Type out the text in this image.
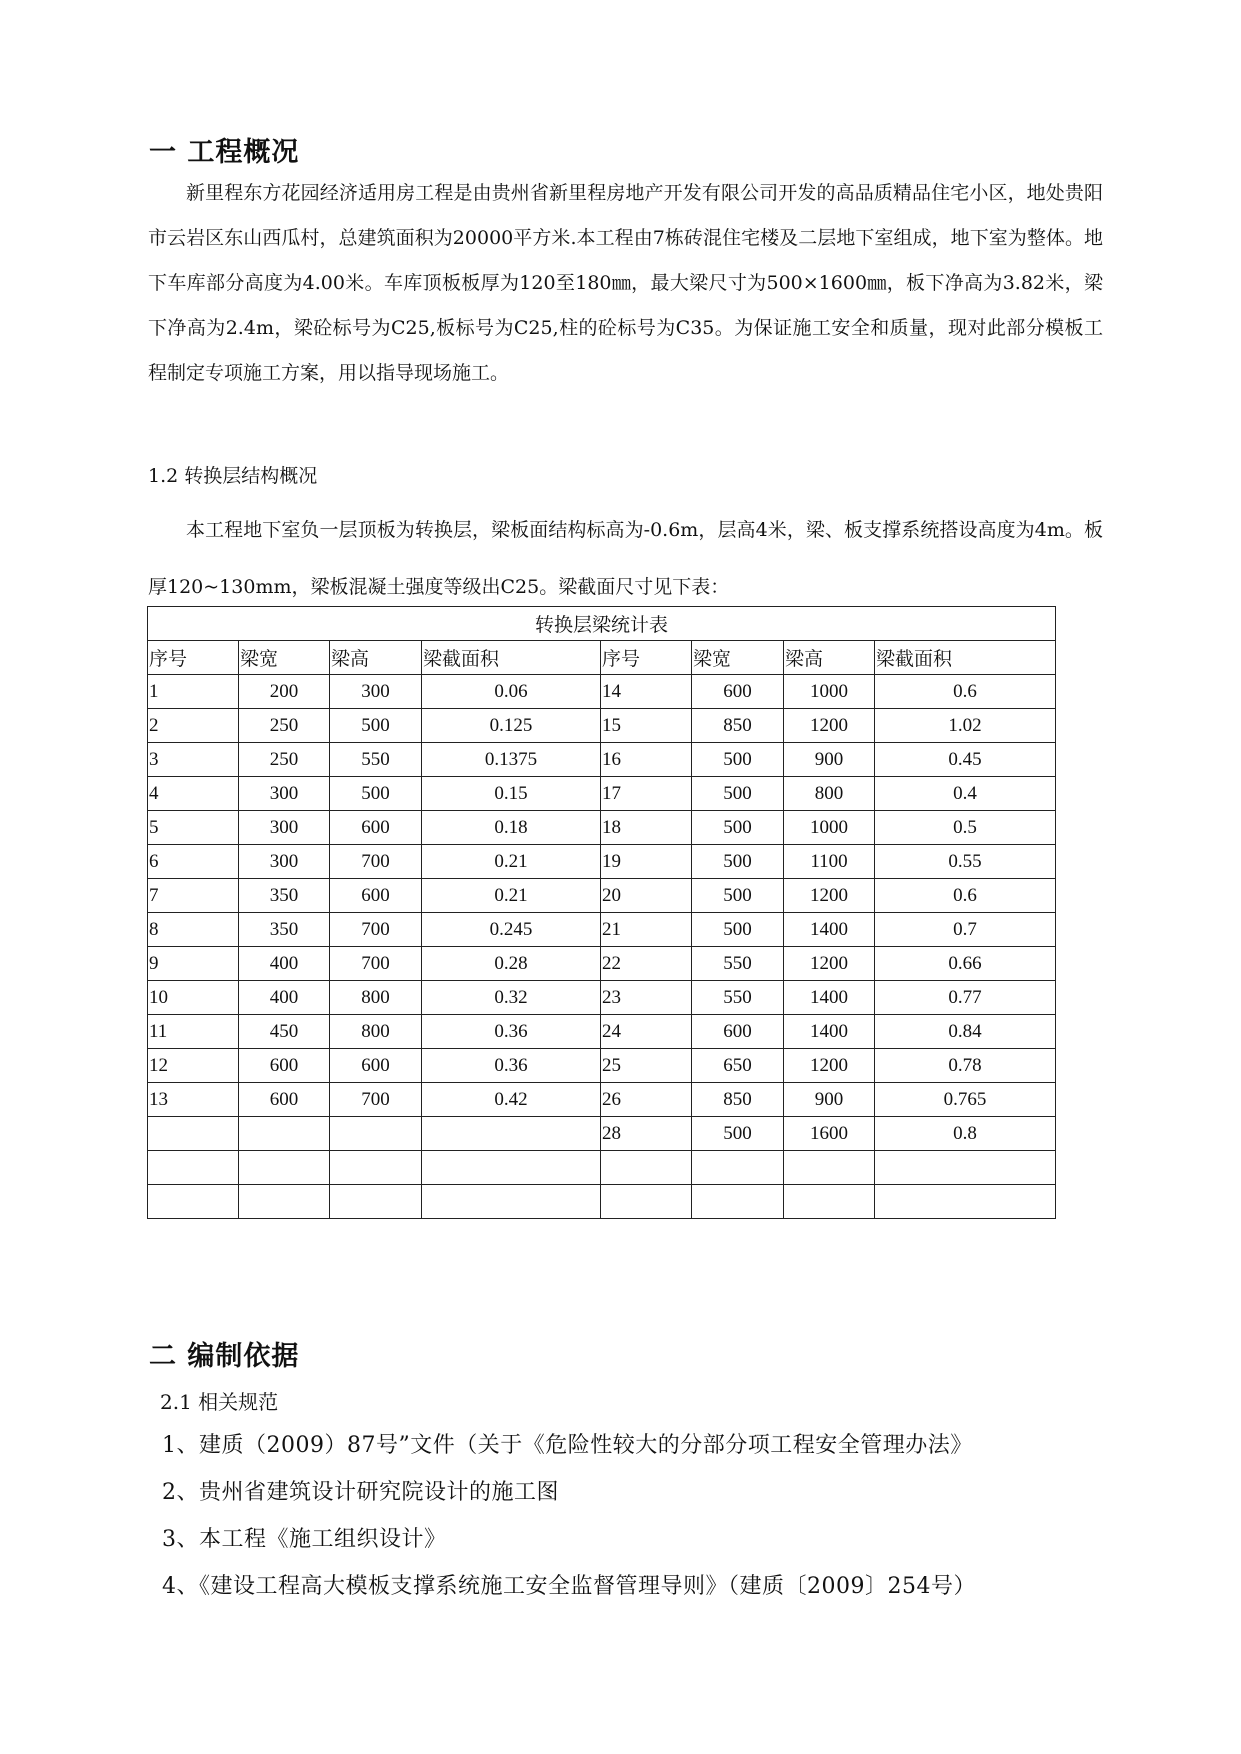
一 工程概况
新里程东方花园经济适用房工程是由贵州省新里程房地产开发有限公司开发的高品质精品住宅小区，地处贵阳市云岩区东山西瓜村，总建筑面积为20000平方米.本工程由7栋砖混住宅楼及二层地下室组成，地下室为整体。地下车库部分高度为4.00米。车库顶板板厚为120至180㎜，最大梁尺寸为500×1600㎜，板下净高为3.82米，梁下净高为2.4m，梁砼标号为C25,板标号为C25,柱的砼标号为C35。为保证施工安全和质量，现对此部分模板工程制定专项施工方案，用以指导现场施工。
1.2 转换层结构概况
本工程地下室负一层顶板为转换层，梁板面结构标高为-0.6m，层高4米，梁、板支撑系统搭设高度为4m。板厚120~130mm，梁板混凝土强度等级出C25。梁截面尺寸见下表：
转换层梁统计表							
序号	梁宽	梁高	梁截面积	序号	梁宽	梁高	梁截面积
1	200	300	0.06	14	600	1000	0.6
2	250	500	0.125	15	850	1200	1.02
3	250	550	0.1375	16	500	900	0.45
4	300	500	0.15	17	500	800	0.4
5	300	600	0.18	18	500	1000	0.5
6	300	700	0.21	19	500	1100	0.55
7	350	600	0.21	20	500	1200	0.6
8	350	700	0.245	21	500	1400	0.7
9	400	700	0.28	22	550	1200	0.66
10	400	800	0.32	23	550	1400	0.77
11	450	800	0.36	24	600	1400	0.84
12	600	600	0.36	25	650	1200	0.78
13	600	700	0.42	26	850	900	0.765
				28	500	1600	0.8

二 编制依据
2.1 相关规范
1、建质（2009）87号”文件（关于《危险性较大的分部分项工程安全管理办法》
2、贵州省建筑设计研究院设计的施工图
3、本工程《施工组织设计》
4、《建设工程高大模板支撑系统施工安全监督管理导则》（建质〔2009〕254号）
